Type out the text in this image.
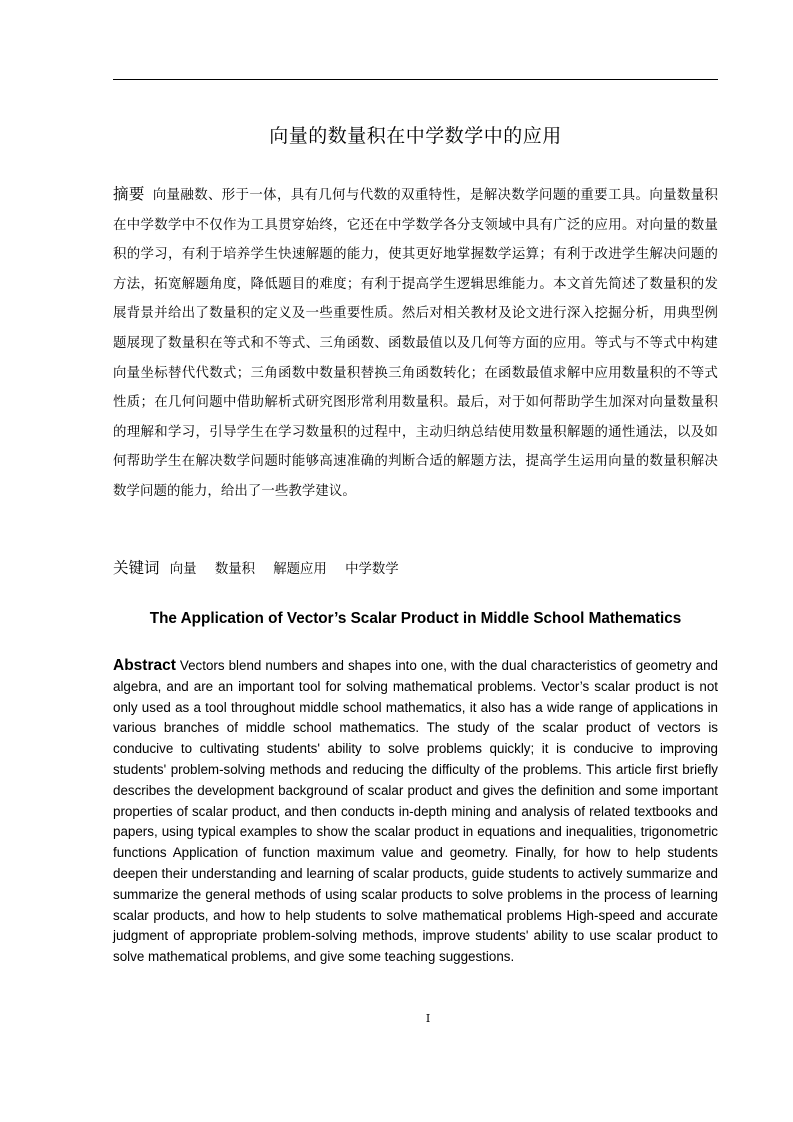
向量的数量积在中学数学中的应用
摘要 向量融数、形于一体，具有几何与代数的双重特性，是解决数学问题的重要工具。向量数量积在中学数学中不仅作为工具贯穿始终，它还在中学数学各分支领域中具有广泛的应用。对向量的数量积的学习，有利于培养学生快速解题的能力，使其更好地掌握数学运算；有利于改进学生解决问题的方法，拓宽解题角度，降低题目的难度；有利于提高学生逻辑思维能力。本文首先简述了数量积的发展背景并给出了数量积的定义及一些重要性质。然后对相关教材及论文进行深入挖掘分析，用典型例题展现了数量积在等式和不等式、三角函数、函数最值以及几何等方面的应用。等式与不等式中构建向量坐标替代代数式；三角函数中数量积替换三角函数转化；在函数最值求解中应用数量积的不等式性质；在几何问题中借助解析式研究图形常利用数量积。最后，对于如何帮助学生加深对向量数量积的理解和学习，引导学生在学习数量积的过程中，主动归纳总结使用数量积解题的通性通法，以及如何帮助学生在解决数学问题时能够高速准确的判断合适的解题方法，提高学生运用向量的数量积解决数学问题的能力，给出了一些教学建议。
关键词 向量 数量积 解题应用 中学数学
The Application of Vector’s Scalar Product in Middle School Mathematics
Abstract Vectors blend numbers and shapes into one, with the dual characteristics of geometry and algebra, and are an important tool for solving mathematical problems. Vector’s scalar product is not only used as a tool throughout middle school mathematics, it also has a wide range of applications in various branches of middle school mathematics. The study of the scalar product of vectors is conducive to cultivating students' ability to solve problems quickly; it is conducive to improving students' problem-solving methods and reducing the difficulty of the problems. This article first briefly describes the development background of scalar product and gives the definition and some important properties of scalar product, and then conducts in-depth mining and analysis of related textbooks and papers, using typical examples to show the scalar product in equations and inequalities, trigonometric functions Application of function maximum value and geometry. Finally, for how to help students deepen their understanding and learning of scalar products, guide students to actively summarize and summarize the general methods of using scalar products to solve problems in the process of learning scalar products, and how to help students to solve mathematical problems High-speed and accurate judgment of appropriate problem-solving methods, improve students' ability to use scalar product to solve mathematical problems, and give some teaching suggestions.
I
